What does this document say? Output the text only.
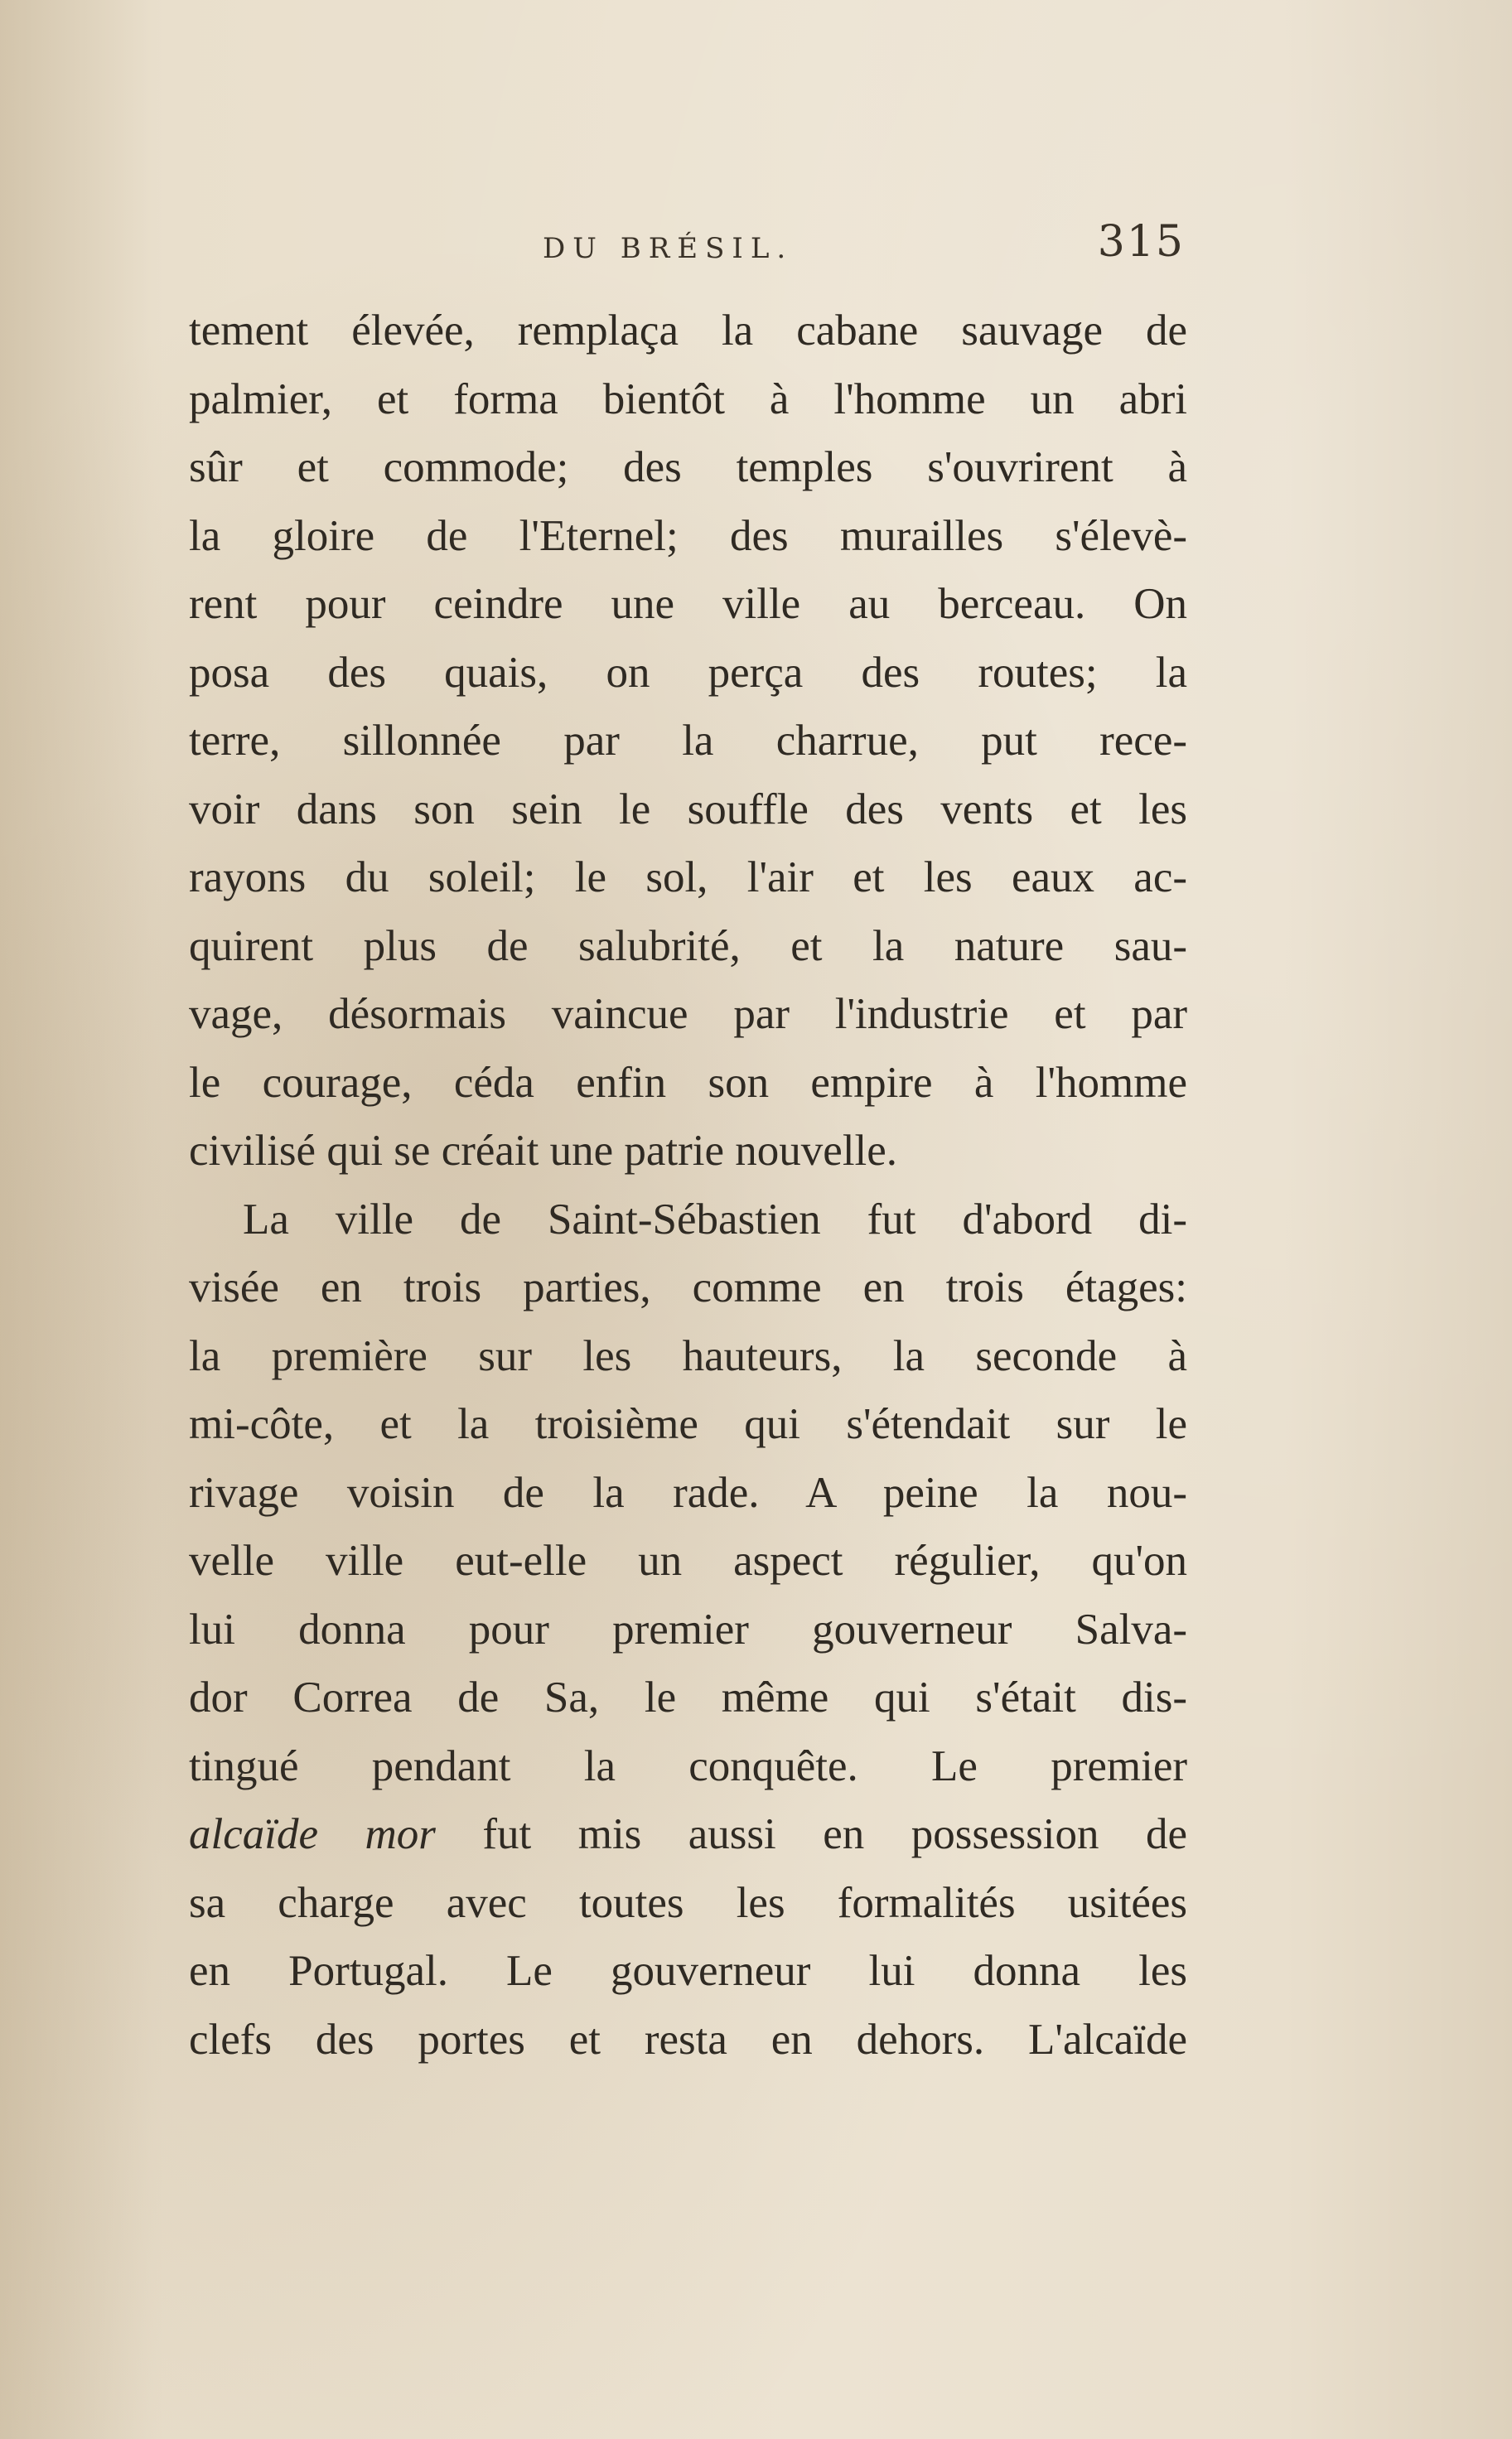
DU BRÉSIL.	315
tement élevée, remplaça la cabane sauvage de
palmier, et forma bientôt à l'homme un abri
sûr et commode; des temples s'ouvrirent à
la gloire de l'Eternel; des murailles s'élevè-
rent pour ceindre une ville au berceau. On
posa des quais, on perça des routes; la
terre, sillonnée par la charrue, put rece-
voir dans son sein le souffle des vents et les
rayons du soleil; le sol, l'air et les eaux ac-
quirent plus de salubrité, et la nature sau-
vage, désormais vaincue par l'industrie et par
le courage, céda enfin son empire à l'homme
civilisé qui se créait une patrie nouvelle.
La ville de Saint-Sébastien fut d'abord di-
visée en trois parties, comme en trois étages:
la première sur les hauteurs, la seconde à
mi-côte, et la troisième qui s'étendait sur le
rivage voisin de la rade. A peine la nou-
velle ville eut-elle un aspect régulier, qu'on
lui donna pour premier gouverneur Salva-
dor Correa de Sa, le même qui s'était dis-
tingué pendant la conquête. Le premier
alcaïde mor fut mis aussi en possession de
sa charge avec toutes les formalités usitées
en Portugal. Le gouverneur lui donna les
clefs des portes et resta en dehors. L'alcaïde
